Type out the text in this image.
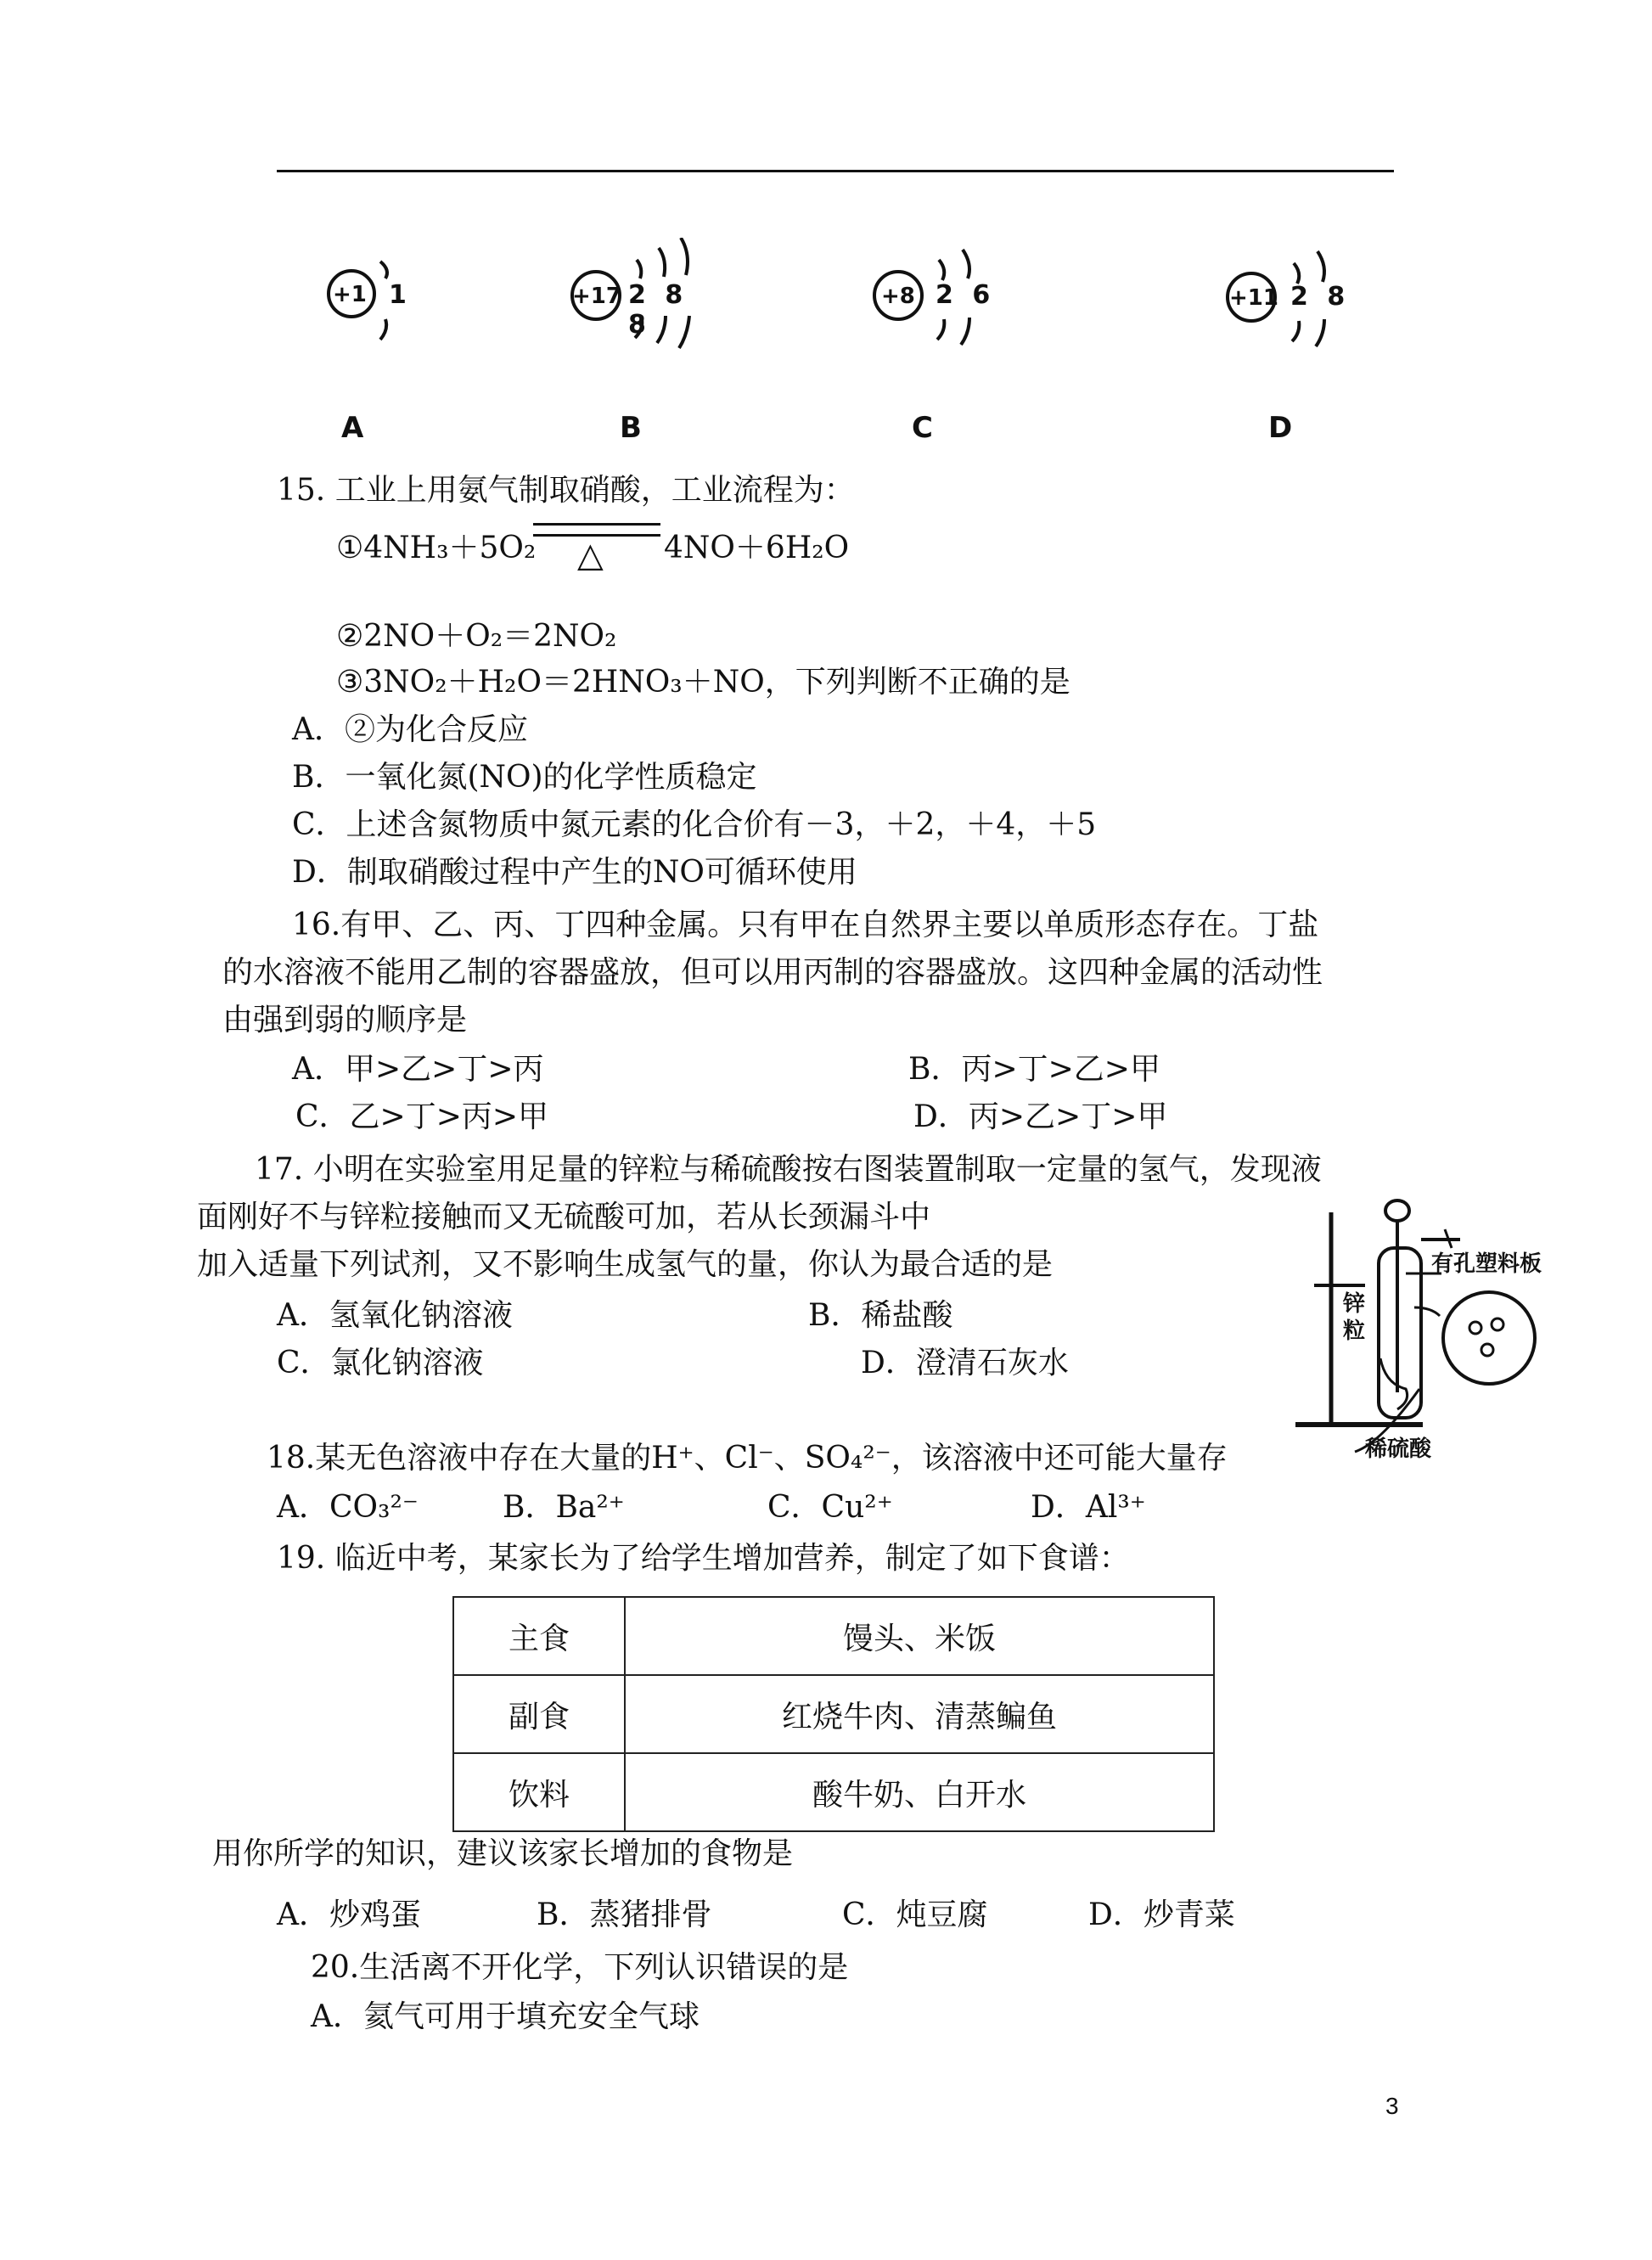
+1 1
A
+17 2 8 8
B
+8 2 6
C
+11 2 8
D
15. 工业上用氨气制取硝酸，工业流程为：
①4NH₃＋5O₂ △ 4NO＋6H₂O
②2NO＋O₂＝2NO₂
③3NO₂＋H₂O＝2HNO₃＋NO，下列判断不正确的是
A．②为化合反应
B．一氧化氮(NO)的化学性质稳定
C．上述含氮物质中氮元素的化合价有－3，＋2，＋4，＋5
D．制取硝酸过程中产生的NO可循环使用
16.有甲、乙、丙、丁四种金属。只有甲在自然界主要以单质形态存在。丁盐
的水溶液不能用乙制的容器盛放，但可以用丙制的容器盛放。这四种金属的活动性
由强到弱的顺序是
A．甲>乙>丁>丙	B．丙>丁>乙>甲
C．乙>丁>丙>甲	D．丙>乙>丁>甲
17. 小明在实验室用足量的锌粒与稀硫酸按右图装置制取一定量的氢气，发现液
面刚好不与锌粒接触而又无硫酸可加，若从长颈漏斗中
加入适量下列试剂，又不影响生成氢气的量，你认为最合适的是
A．氢氧化钠溶液	B．稀盐酸
C．氯化钠溶液	D．澄清石灰水
有孔塑料板
锌粒
稀硫酸
18.某无色溶液中存在大量的H⁺、Cl⁻、SO₄²⁻，该溶液中还可能大量存
A．CO₃²⁻	B．Ba²⁺	C．Cu²⁺	D．Al³⁺
19. 临近中考，某家长为了给学生增加营养，制定了如下食谱：
主食	馒头、米饭
副食	红烧牛肉、清蒸鳊鱼
饮料	酸牛奶、白开水
用你所学的知识，建议该家长增加的食物是
A．炒鸡蛋	B．蒸猪排骨	C．炖豆腐	D．炒青菜
20.生活离不开化学，下列认识错误的是
A．氦气可用于填充安全气球
3
